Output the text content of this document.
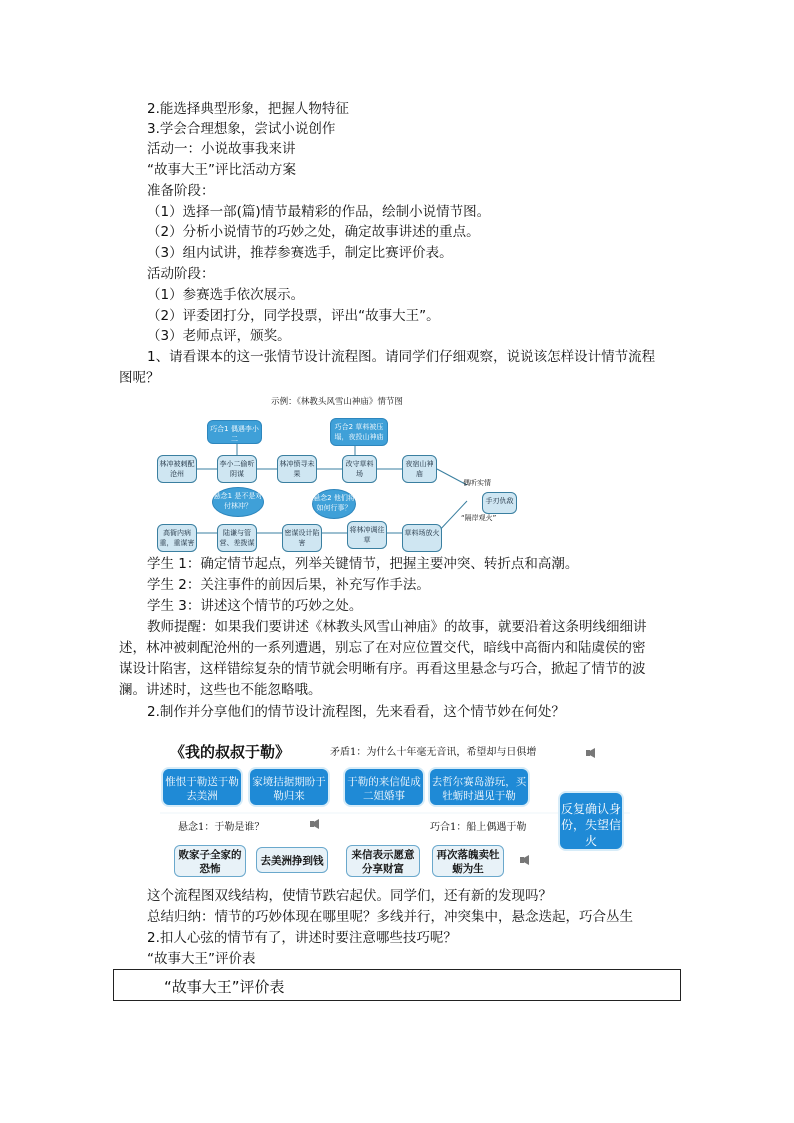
2.能选择典型形象，把握人物特征
3.学会合理想象，尝试小说创作
活动一：小说故事我来讲
“故事大王”评比活动方案
准备阶段：
（1）选择一部(篇)情节最精彩的作品，绘制小说情节图。
（2）分析小说情节的巧妙之处，确定故事讲述的重点。
（3）组内试讲，推荐参赛选手，制定比赛评价表。
活动阶段：
（1）参赛选手依次展示。
（2）评委团打分，同学投票，评出“故事大王”。
（3）老师点评，颁奖。
1、请看课本的这一张情节设计流程图。请同学们仔细观察，说说该怎样设计情节流程
图呢？
示例：《林教头风雪山神庙》情节图
巧合1 偶遇李小二
巧合2 草料被压塌，夜投山神庙
林冲被刺配沧州
李小二偷听阴谋
林冲愤寻未果
改守草料场
夜宿山神庙
悬念1 是不是对付林冲？
悬念2 他们将如何行事？
手刃仇敌
高衙内病重，重谋害
陆谦与管营、差拨谋
密谋设计陷害
将林冲调往草
草料场放火
偶听实情
“隔岸观火”
学生 1：确定情节起点，列举关键情节，把握主要冲突、转折点和高潮。
学生 2：关注事件的前因后果，补充写作手法。
学生 3：讲述这个情节的巧妙之处。
教师提醒：如果我们要讲述《林教头风雪山神庙》的故事，就要沿着这条明线细细讲
述，林冲被刺配沧州的一系列遭遇，别忘了在对应位置交代，暗线中高衙内和陆虞侯的密
谋设计陷害，这样错综复杂的情节就会明晰有序。再看这里悬念与巧合，掀起了情节的波
澜。讲述时，这些也不能忽略哦。
2.制作并分享他们的情节设计流程图，先来看看，这个情节妙在何处？
《我的叔叔于勒》	矛盾1：为什么十年毫无音讯，希望却与日俱增
惟恨于勒送于勒去美洲
家境拮据期盼于勒归来
于勒的来信促成二姐婚事
去哲尔赛岛游玩，买牡蛎时遇见于勒
反复确认身份，失望信火
悬念1：于勒是谁？	巧合1：船上偶遇于勒
败家子全家的恐怖
去美洲挣到钱	来信表示愿意分享财富
再次落魄卖牡蛎为生
这个流程图双线结构，使情节跌宕起伏。同学们，还有新的发现吗？
总结归纳：情节的巧妙体现在哪里呢？多线并行，冲突集中，悬念迭起，巧合丛生
2.扣人心弦的情节有了，讲述时要注意哪些技巧呢？
“故事大王”评价表
“故事大王”评价表
